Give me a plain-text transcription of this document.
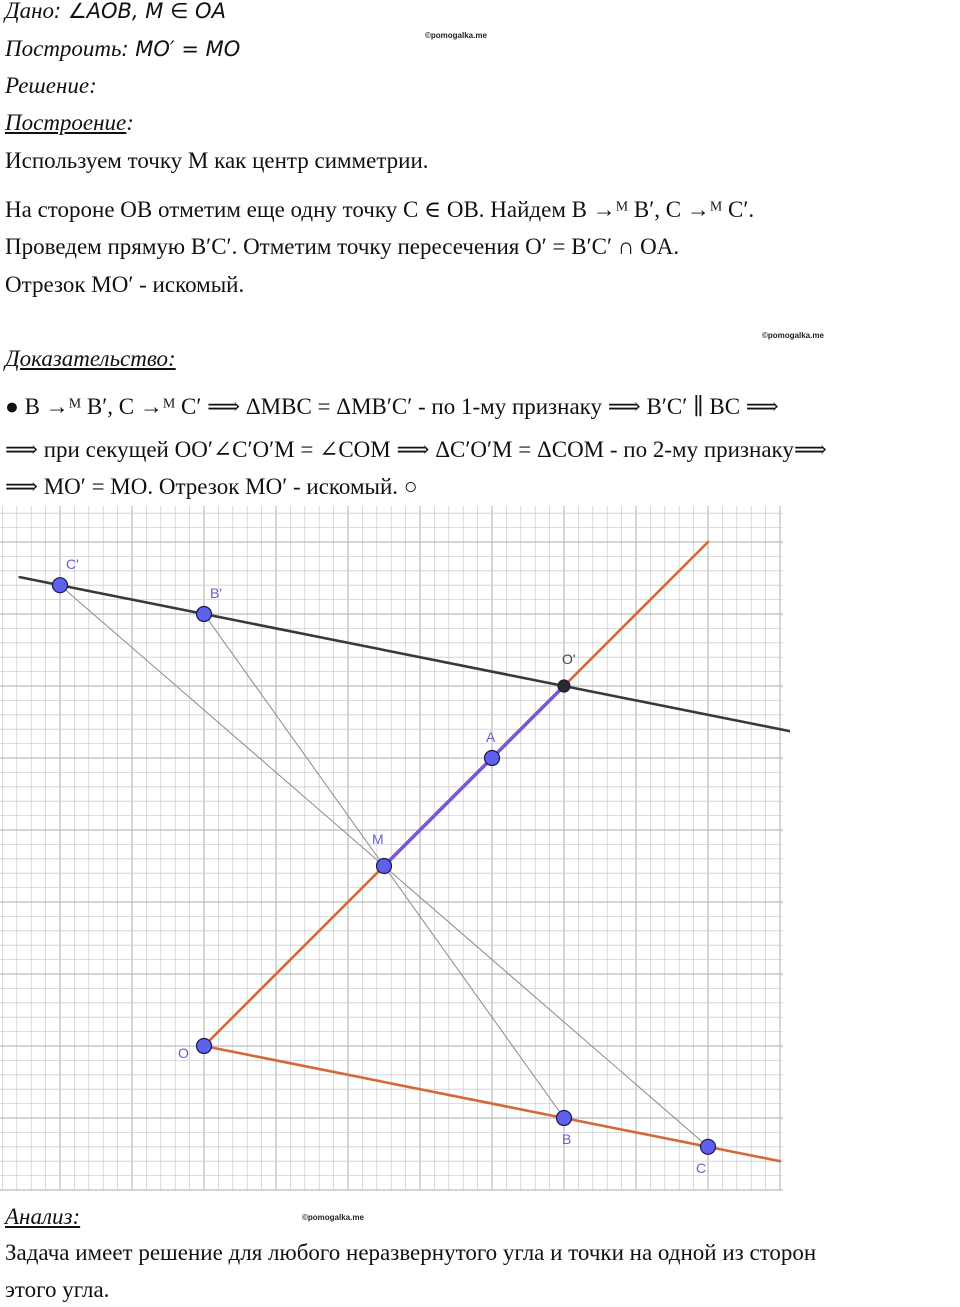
Дано: ∠AOB, M ∈ OA
©pomogalka.me
Построить: MO′ = MO
Решение:
Построение:
Используем точку M как центр симметрии.
На стороне OB отметим еще одну точку C ∈ OB. Найдем B →ᴹ B′, C →ᴹ C′.
Проведем прямую B′C′. Отметим точку пересечения O′ = B′C′ ∩ OA.
Отрезок MO′ - искомый.
©pomogalka.me
Доказательство:
● B →ᴹ B′, C →ᴹ C′ ⟹ ΔMBC = ΔMB′C′ - по 1-му признаку ⟹ B′C′ ∥ BC ⟹
⟹ при секущей OO′∠C′O′M = ∠COM ⟹ ΔC′O′M = ΔCOM - по 2-му признаку⟹
⟹ MO′ = MO. Отрезок MO′ - искомый. ○
O
M
A
O'
B
C
B'
C'
Анализ:	©pomogalka.me
Задача имеет решение для любого неразвернутого угла и точки на одной из сторон
этого угла.
